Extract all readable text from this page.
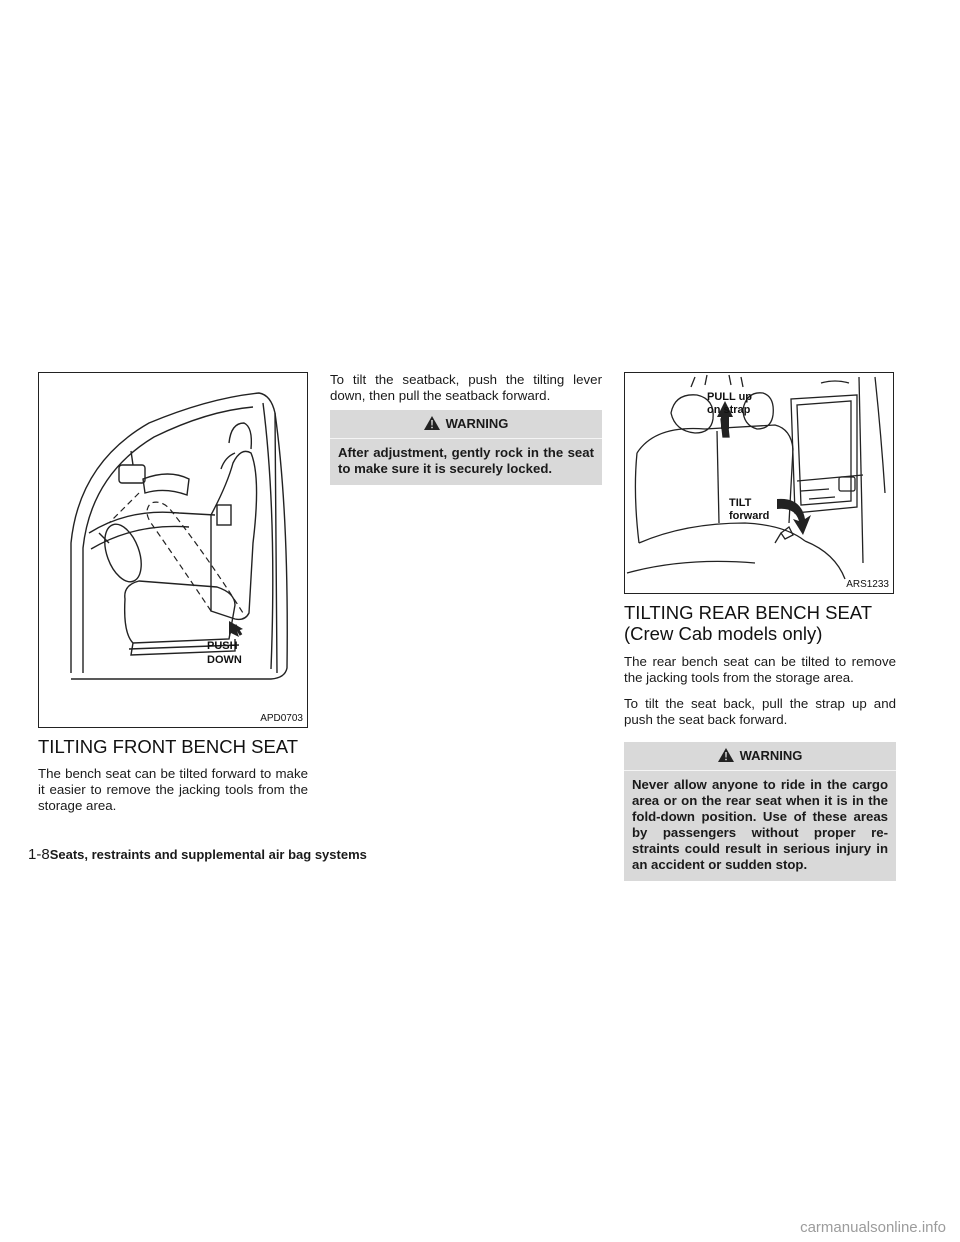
PUSH
DOWN
APD0703
TILTING FRONT BENCH SEAT

The bench seat can be tilted forward to make it easier to remove the jacking tools from the storage area.

To tilt the seatback, push the tilting lever down, then pull the seatback forward.

WARNING
After adjustment, gently rock in the seat to make sure it is securely locked.
PULL up
on strap
TILT
forward
ARS1233
TILTING REAR BENCH SEAT
(Crew Cab models only)

The rear bench seat can be tilted to remove the jacking tools from the storage area.

To tilt the seat back, pull the strap up and push the seat back forward.

WARNING
Never allow anyone to ride in the cargo area or on the rear seat when it is in the fold-down position. Use of these areas by passengers without proper re-straints could result in serious injury in an accident or sudden stop.
1-8Seats, restraints and supplemental air bag systems
carmanualsonline.info
